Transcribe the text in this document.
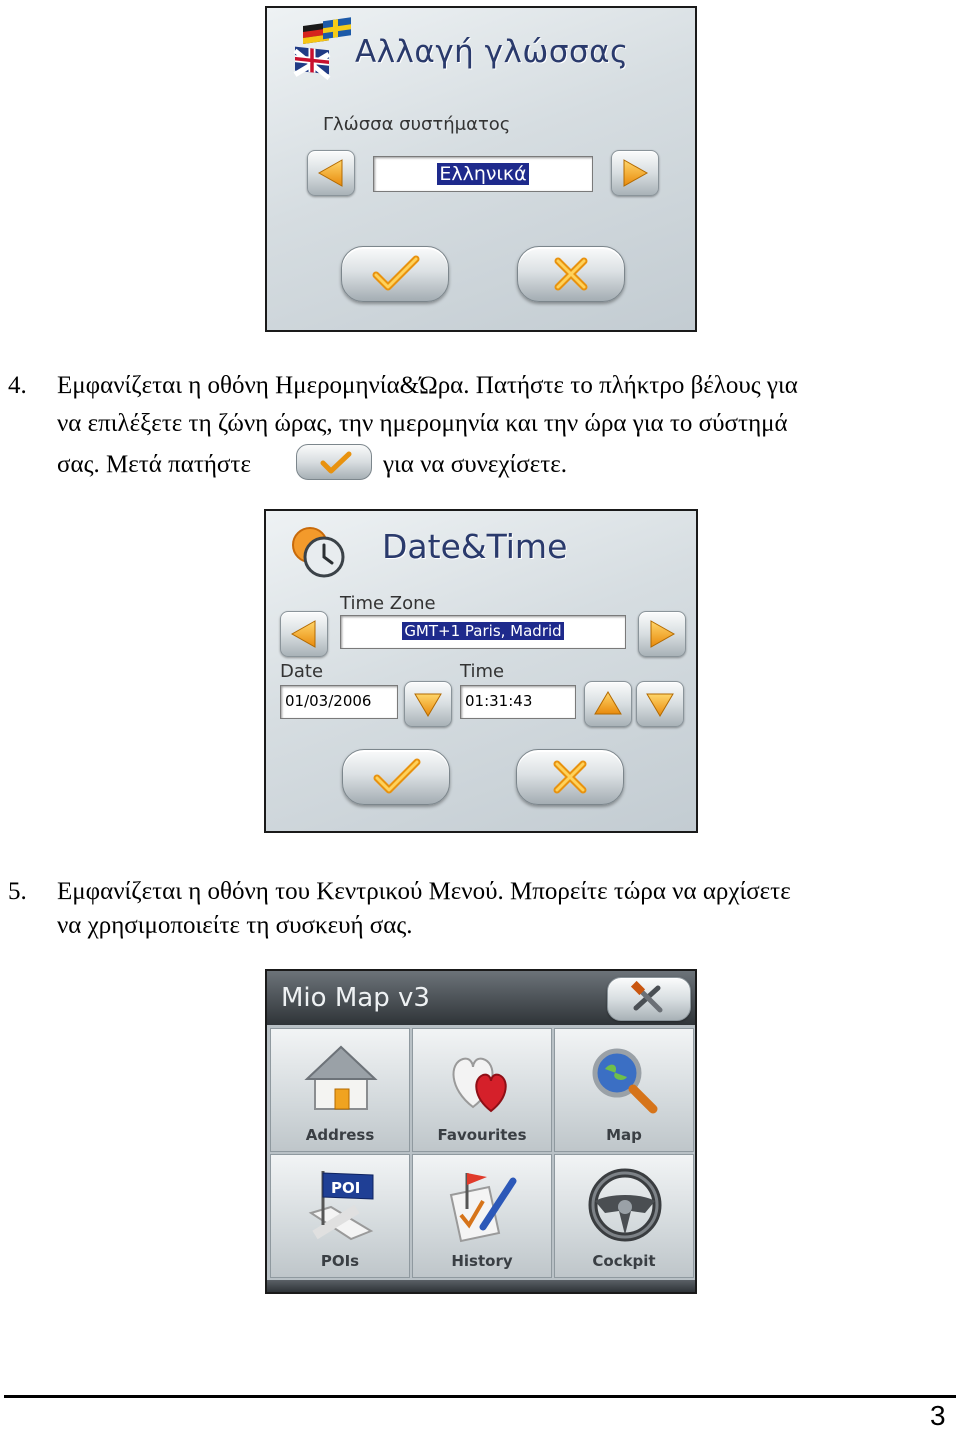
Αλλαγή γλώσσας
Γλώσσα συστήματος
Ελληνικά
4. Εμφανίζεται η οθόνη Ημερομηνία&Ώρα. Πατήστε το πλήκτρο βέλους για
να επιλέξετε τη ζώνη ώρας, την ημερομηνία και την ώρα για το σύστημά
σας. Μετά πατήστε	για να συνεχίσετε.
Date&Time
Time Zone
GMT+1 Paris, Madrid
Date
01/03/2006
Time
01:31:43
5. Εμφανίζεται η οθόνη του Κεντρικού Μενού. Μπορείτε τώρα να αρχίσετε
να χρησιμοποιείτε τη συσκευή σας.
Mio Map v3
Address	Favourites	Map
POI
POIs	History	Cockpit
3
